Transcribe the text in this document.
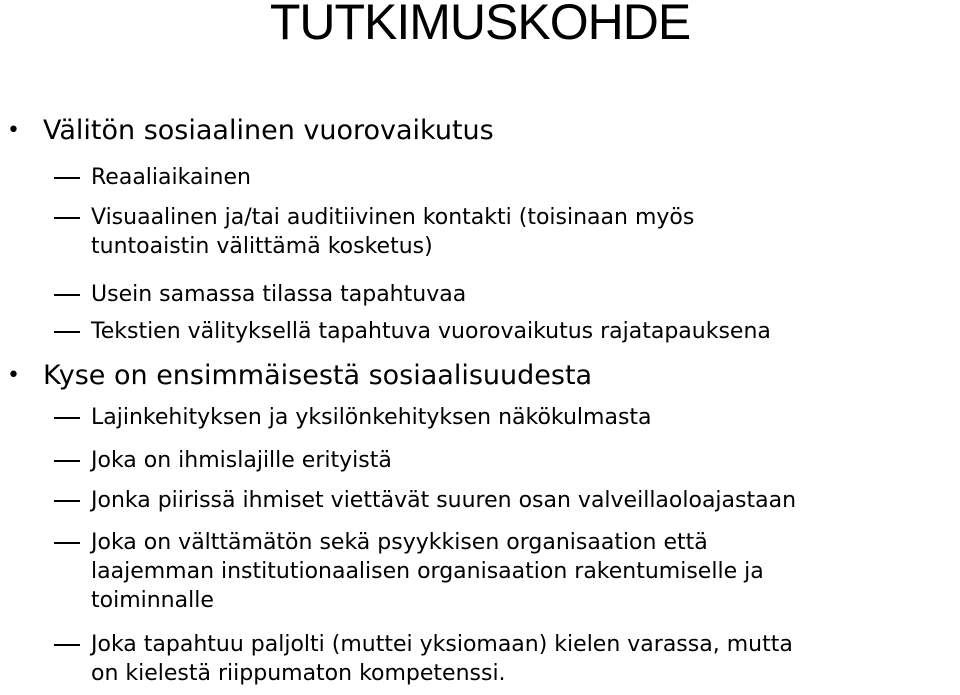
TUTKIMUSKOHDE
• Välitön sosiaalinen vuorovaikutus
Reaaliaikainen
Visuaalinen ja/tai auditiivinen kontakti (toisinaan myös
tuntoaistin välittämä kosketus)
Usein samassa tilassa tapahtuvaa
Tekstien välityksellä tapahtuva vuorovaikutus rajatapauksena
• Kyse on ensimmäisestä sosiaalisuudesta
Lajinkehityksen ja yksilönkehityksen näkökulmasta
Joka on ihmislajille erityistä
Jonka piirissä ihmiset viettävät suuren osan valveillaoloajastaan
Joka on välttämätön sekä psyykkisen organisaation että
laajemman institutionaalisen organisaation rakentumiselle ja
toiminnalle
Joka tapahtuu paljolti (muttei yksiomaan) kielen varassa, mutta
on kielestä riippumaton kompetenssi.
